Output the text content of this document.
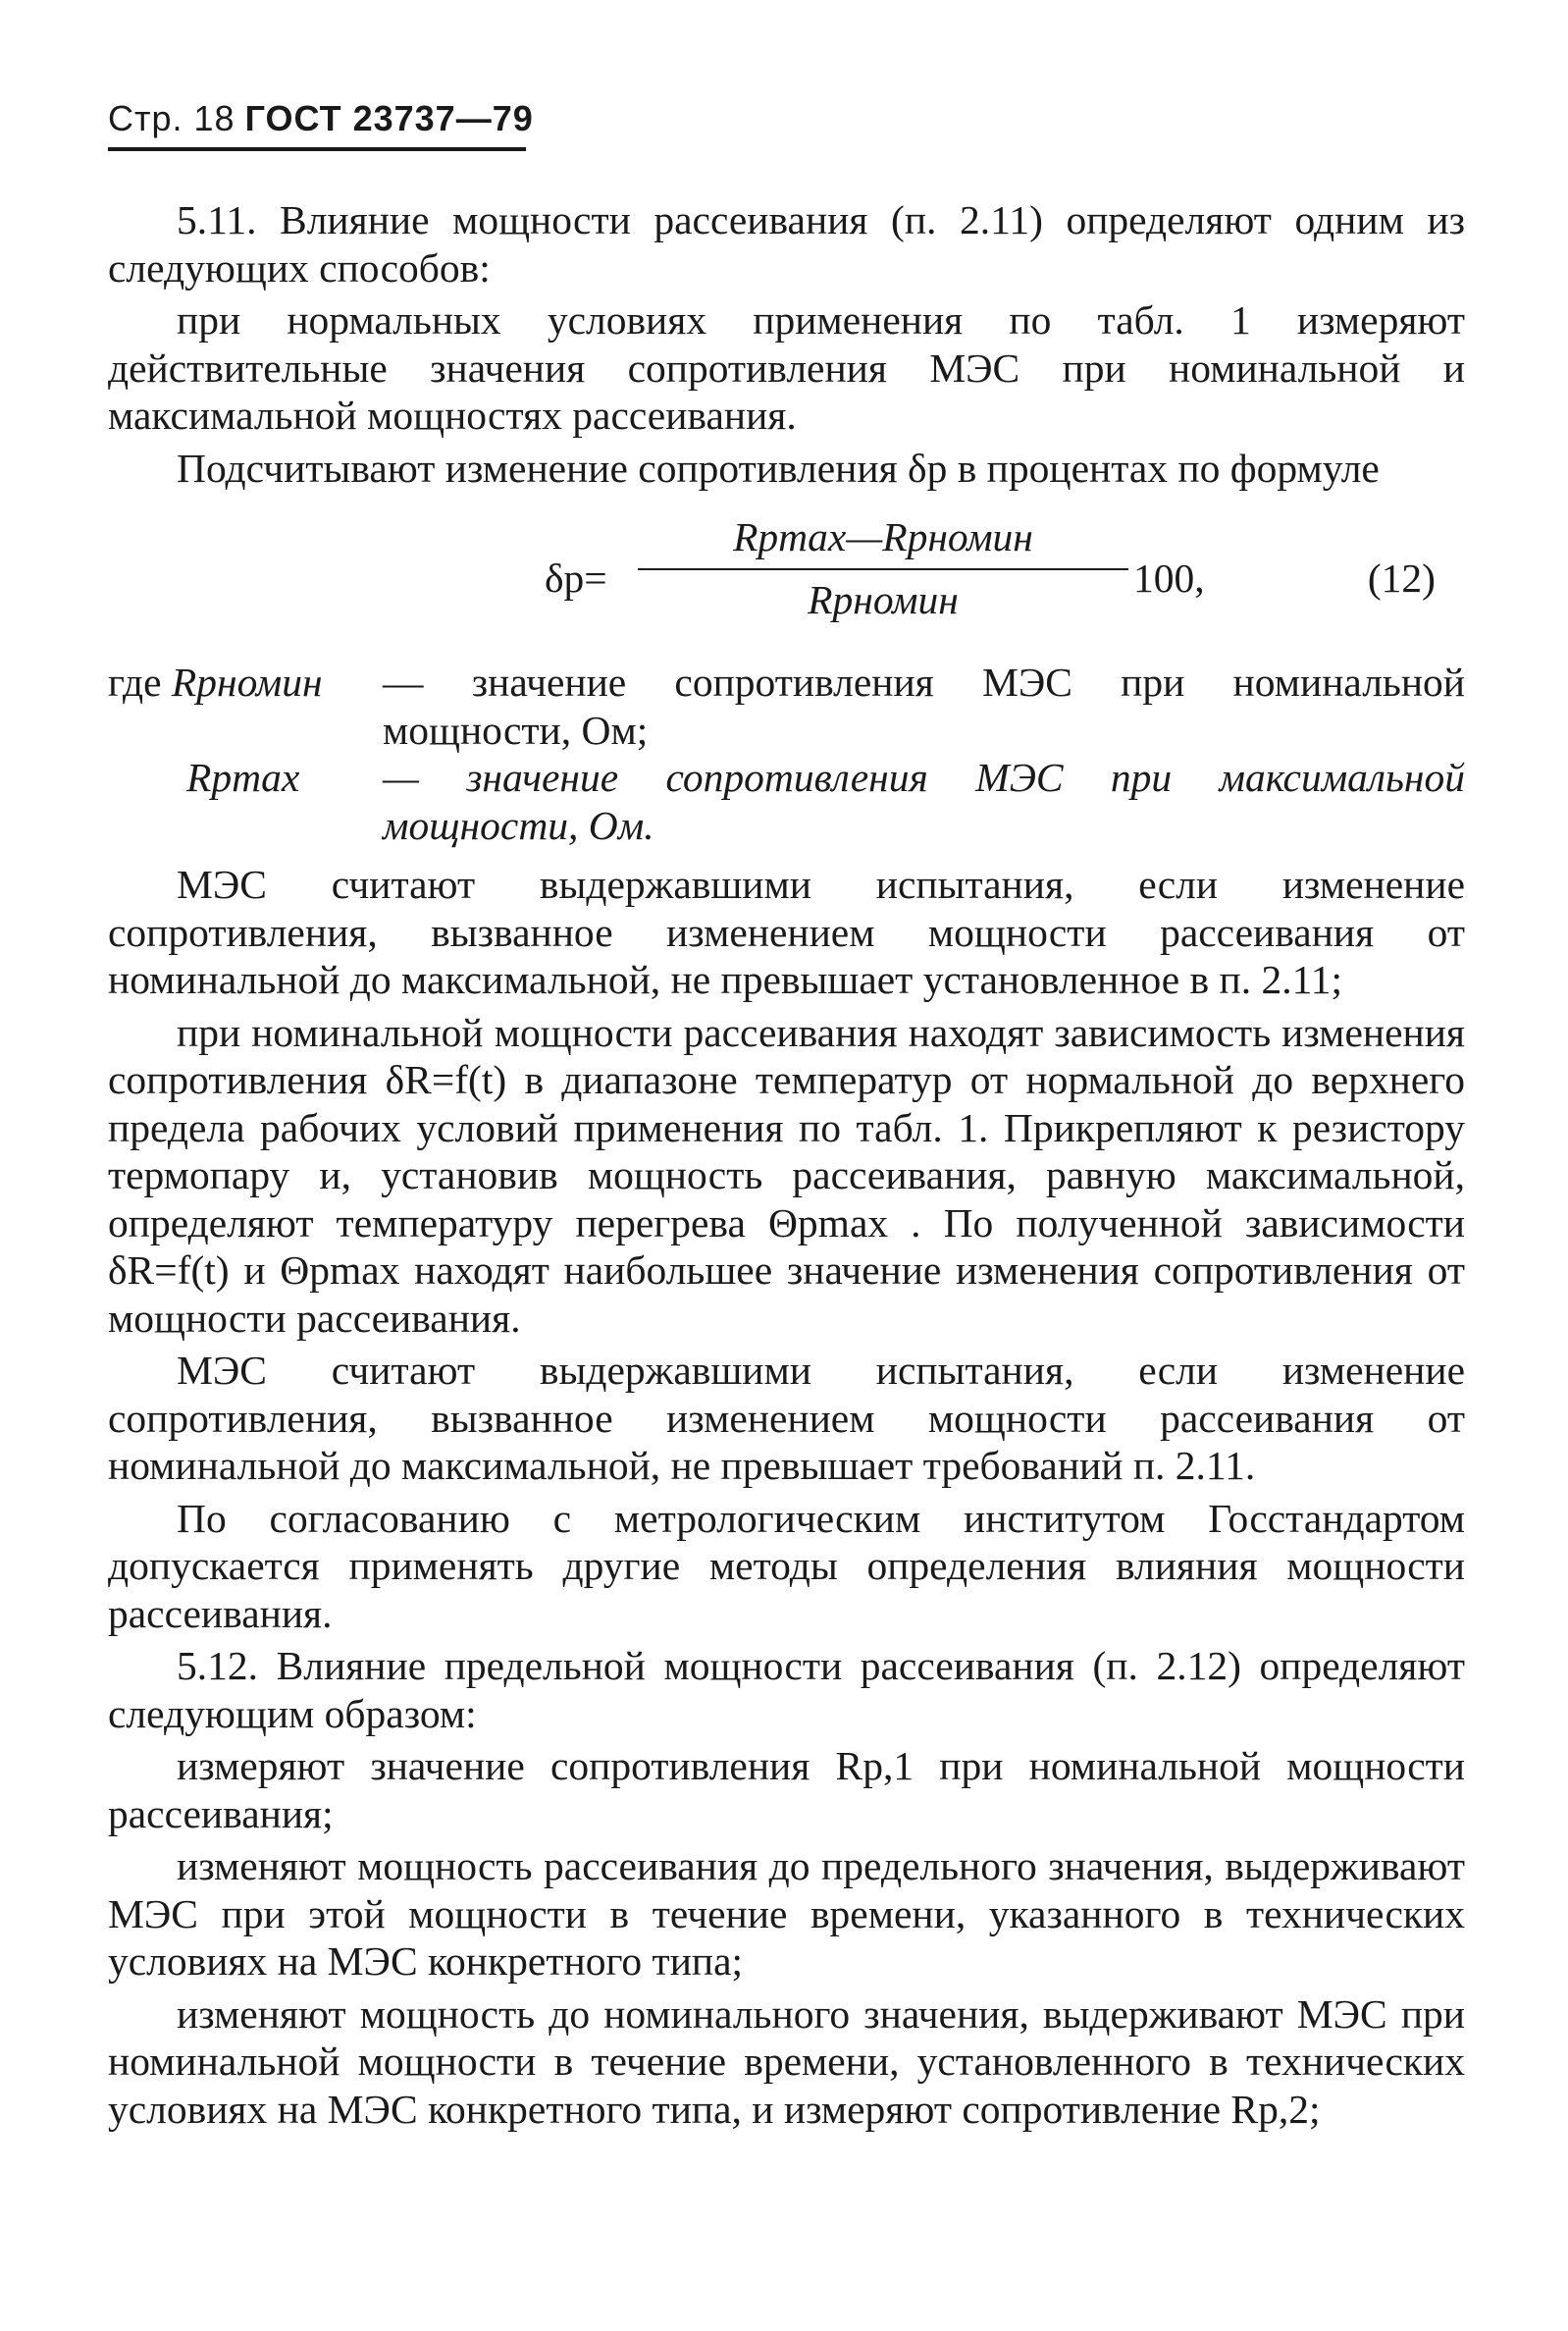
Стр. 18 ГОСТ 23737—79

5.11. Влияние мощности рассеивания (п. 2.11) определяют одним из следующих способов:

при нормальных условиях применения по табл. 1 измеряют действительные значения сопротивления МЭС при номинальной и максимальной мощностях рассеивания.

Подсчитывают изменение сопротивления δр в процентах по формуле

δр=
Rрmax—Rрномин
Rрномин	100,	(12)
где Rрномин	— значение сопротивления МЭС при номинальной мощности, Ом;
Rрmax	— значение сопротивления МЭС при максимальной мощности, Ом.

МЭС считают выдержавшими испытания, если изменение сопротивления, вызванное изменением мощности рассеивания от номинальной до максимальной, не превышает установленное в п. 2.11;

при номинальной мощности рассеивания находят зависимость изменения сопротивления δR=f(t) в диапазоне температур от нормальной до верхнего предела рабочих условий применения по табл. 1. Прикрепляют к резистору термопару и, установив мощность рассеивания, равную максимальной, определяют температуру перегрева Θрmax . По полученной зависимости δR=f(t) и Θрmax находят наибольшее значение изменения сопротивления от мощности рассеивания.

МЭС считают выдержавшими испытания, если изменение сопротивления, вызванное изменением мощности рассеивания от номинальной до максимальной, не превышает требований п. 2.11.

По согласованию с метрологическим институтом Госстандартом допускается применять другие методы определения влияния мощности рассеивания.

5.12. Влияние предельной мощности рассеивания (п. 2.12) определяют следующим образом:

измеряют значение сопротивления Rр,1 при номинальной мощности рассеивания;

изменяют мощность рассеивания до предельного значения, выдерживают МЭС при этой мощности в течение времени, указанного в технических условиях на МЭС конкретного типа;

изменяют мощность до номинального значения, выдерживают МЭС при номинальной мощности в течение времени, установленного в технических условиях на МЭС конкретного типа, и измеряют сопротивление Rр,2;
